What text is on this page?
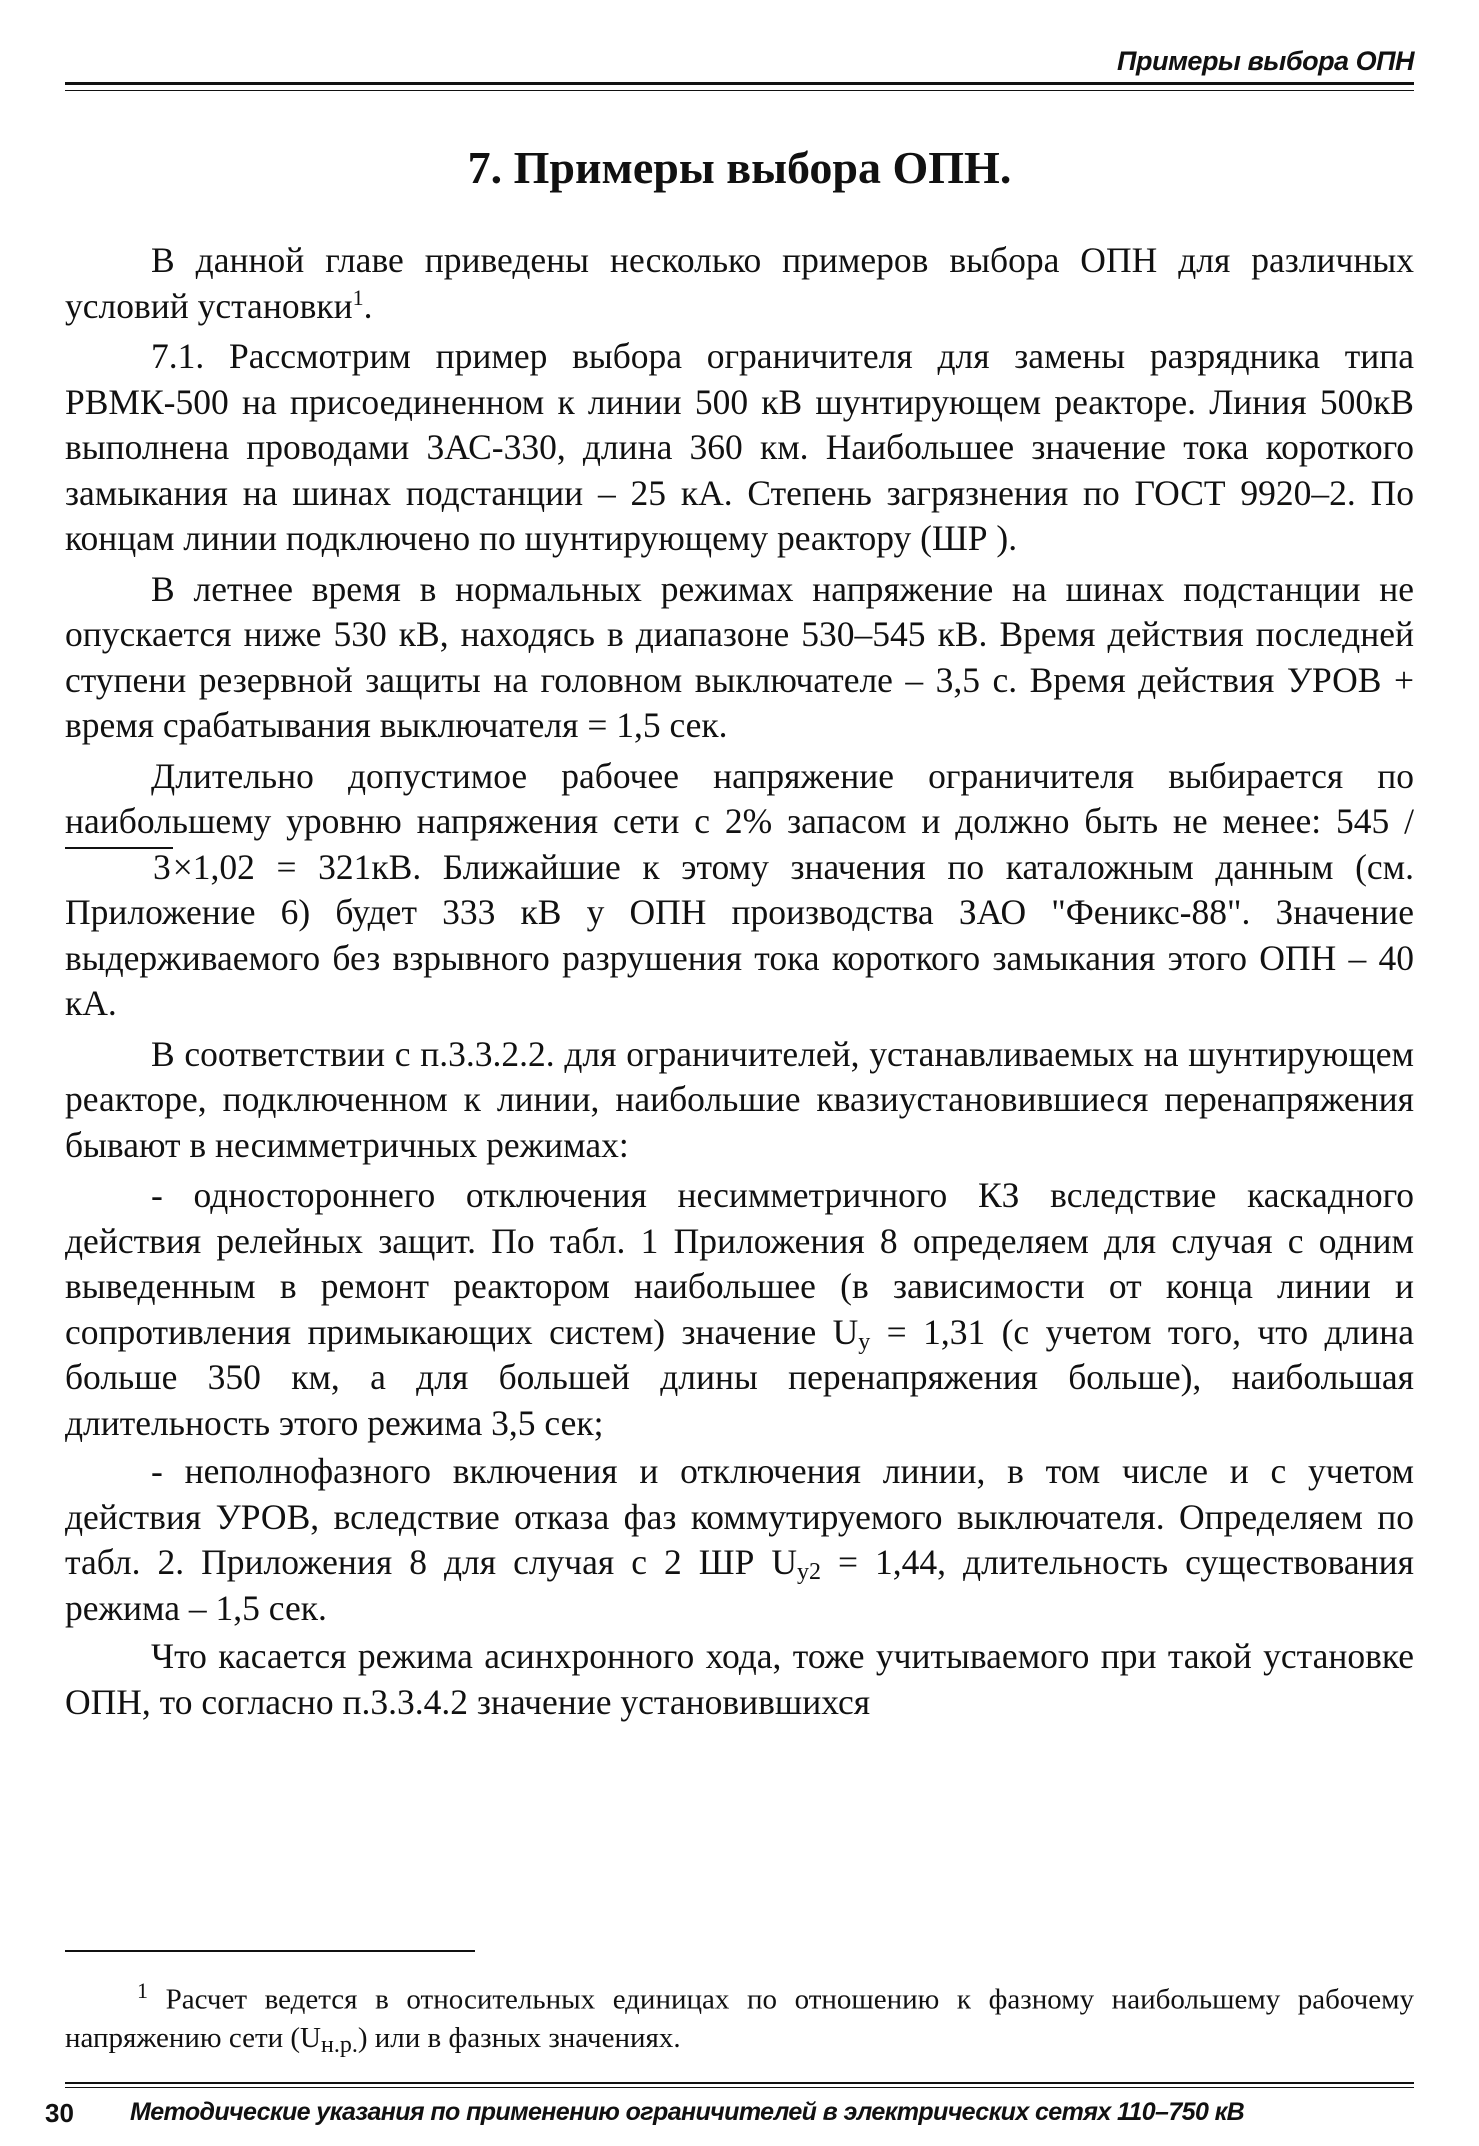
Примеры выбора ОПН
7. Примеры выбора ОПН.

В данной главе приведены несколько примеров выбора ОПН для различных условий установки$^1$.

7.1. Рассмотрим пример выбора ограничителя для замены разрядника типа РВМК-500 на присоединенном к линии 500 кВ шунтирующем реакторе. Линия 500кВ выполнена проводами 3АС-330, длина 360 км. Наибольшее значение тока короткого замыкания на шинах подстанции – 25 кА. Степень загрязнения по ГОСТ 9920–2. По концам линии подключено по шунтирующему реактору (ШР ).

В летнее время в нормальных режимах напряжение на шинах подстанции не опускается ниже 530 кВ, находясь в диапазоне 530–545 кВ. Время действия последней ступени резервной защиты на головном выключателе – 3,5 с. Время действия УРОВ + время срабатывания выключателя = 1,5 сек.

Длительно допустимое рабочее напряжение ограничителя выбирается по наибольшему уровню напряжения сети с 2% запасом и должно быть не менее: 545 /3×1,02 = 321кВ. Ближайшие к этому значения по каталожным данным (см. Приложение 6) будет 333 кВ у ОПН производства ЗАО "Феникс-88". Значение выдерживаемого без взрывного разрушения тока короткого замыкания этого ОПН – 40 кА.

В соответствии с п.3.3.2.2. для ограничителей, устанавливаемых на шунтирующем реакторе, подключенном к линии, наибольшие квазиустановившиеся перенапряжения бывают в несимметричных режимах:

- одностороннего отключения несимметричного КЗ вследствие каскадного действия релейных защит. По табл. 1 Приложения 8 определяем для случая с одним выведенным в ремонт реактором наибольшее (в зависимости от конца линии и сопротивления примыкающих систем) значение $U_у = 1,31$ (с учетом того, что длина больше 350 км, а для большей длины перенапряжения больше), наибольшая длительность этого режима 3,5 сек;

- неполнофазного включения и отключения линии, в том числе и с учетом действия УРОВ, вследствие отказа фаз коммутируемого выключателя. Определяем по табл. 2. Приложения 8 для случая с 2 ШР $U_{у2} = 1,44$, длительность существования режима – 1,5 сек.

Что касается режима асинхронного хода, тоже учитываемого при такой установке ОПН, то согласно п.3.3.4.2 значение установившихся

$^1$ Расчет ведется в относительных единицах по отношению к фазному наибольшему рабочему напряжению сети $(U_{н.р.})$ или в фазных значениях.
30 Методические указания по применению ограничителей в электрических сетях 110–750 кВ
